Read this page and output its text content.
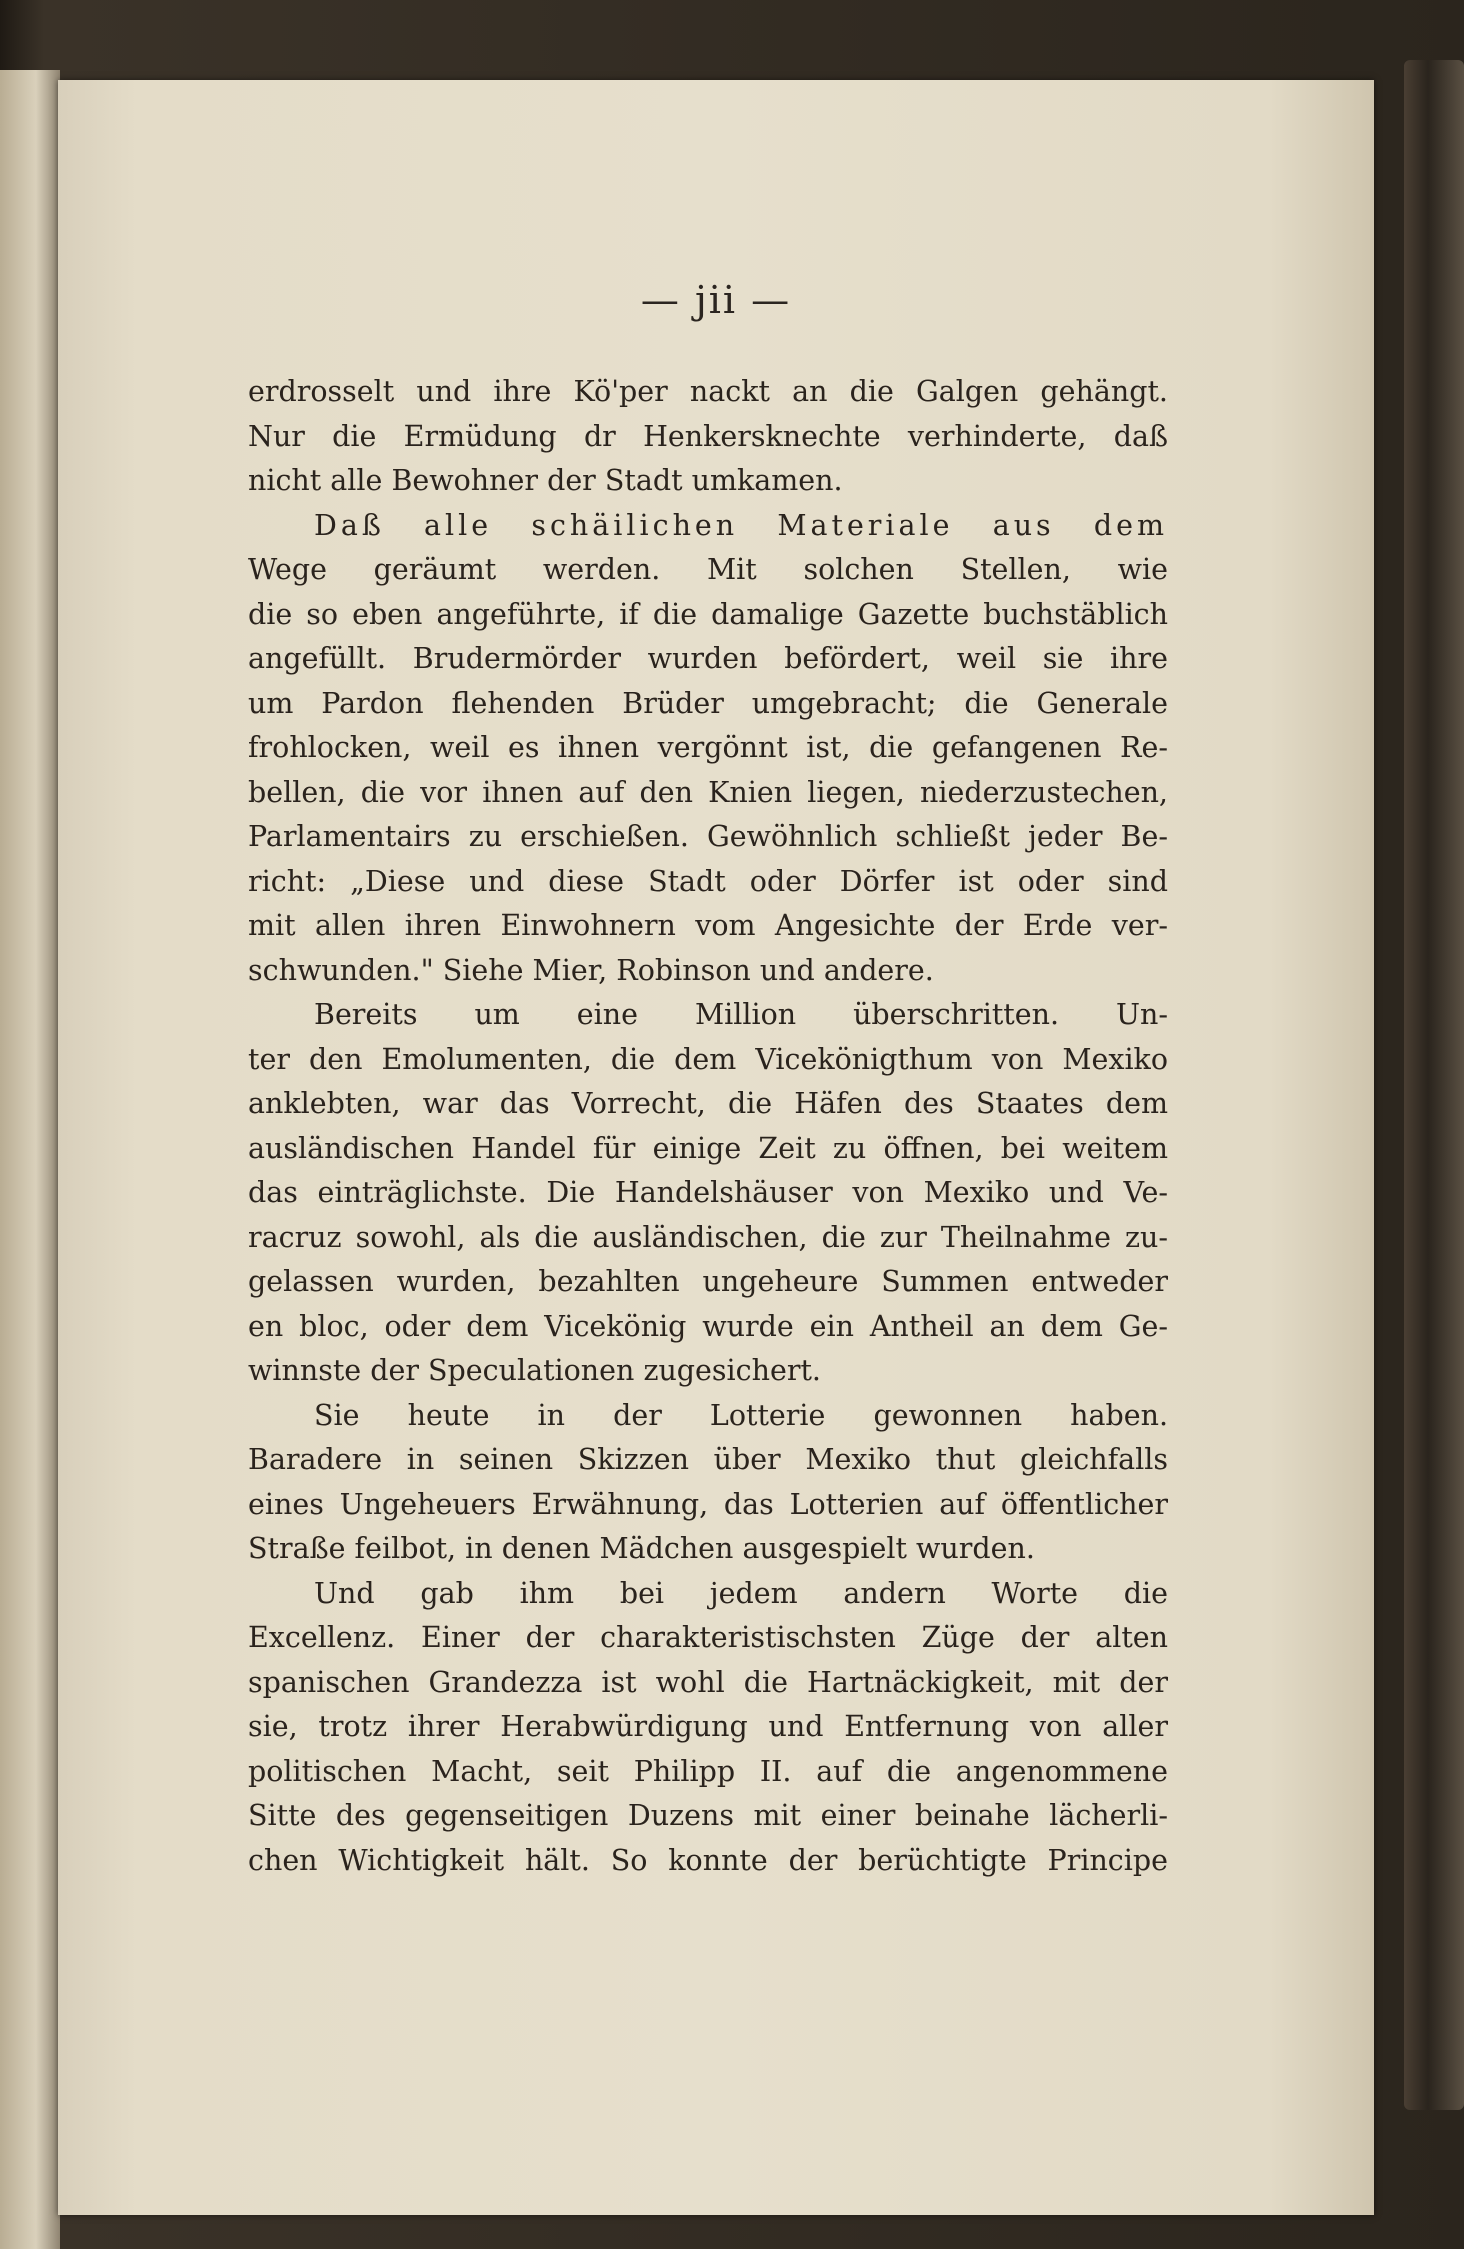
— jii —
erdrosselt und ihre Kö'per nackt an die Galgen gehängt.
Nur die Ermüdung dr Henkersknechte verhinderte, daß
nicht alle Bewohner der Stadt umkamen.
Daß alle schäilichen Materiale aus dem
Wege geräumt werden. Mit solchen Stellen, wie
die so eben angeführte, if die damalige Gazette buchstäblich
angefüllt. Brudermörder wurden befördert, weil sie ihre
um Pardon flehenden Brüder umgebracht; die Generale
frohlocken, weil es ihnen vergönnt ist, die gefangenen Re-
bellen, die vor ihnen auf den Knien liegen, niederzustechen,
Parlamentairs zu erschießen. Gewöhnlich schließt jeder Be-
richt: „Diese und diese Stadt oder Dörfer ist oder sind
mit allen ihren Einwohnern vom Angesichte der Erde ver-
schwunden." Siehe Mier, Robinson und andere.
Bereits um eine Million überschritten. Un-
ter den Emolumenten, die dem Vicekönigthum von Mexiko
anklebten, war das Vorrecht, die Häfen des Staates dem
ausländischen Handel für einige Zeit zu öffnen, bei weitem
das einträglichste. Die Handelshäuser von Mexiko und Ve-
racruz sowohl, als die ausländischen, die zur Theilnahme zu-
gelassen wurden, bezahlten ungeheure Summen entweder
en bloc, oder dem Vicekönig wurde ein Antheil an dem Ge-
winnste der Speculationen zugesichert.
Sie heute in der Lotterie gewonnen haben.
Baradere in seinen Skizzen über Mexiko thut gleichfalls
eines Ungeheuers Erwähnung, das Lotterien auf öffentlicher
Straße feilbot, in denen Mädchen ausgespielt wurden.
Und gab ihm bei jedem andern Worte die
Excellenz. Einer der charakteristischsten Züge der alten
spanischen Grandezza ist wohl die Hartnäckigkeit, mit der
sie, trotz ihrer Herabwürdigung und Entfernung von aller
politischen Macht, seit Philipp II. auf die angenommene
Sitte des gegenseitigen Duzens mit einer beinahe lächerli-
chen Wichtigkeit hält. So konnte der berüchtigte Principe
